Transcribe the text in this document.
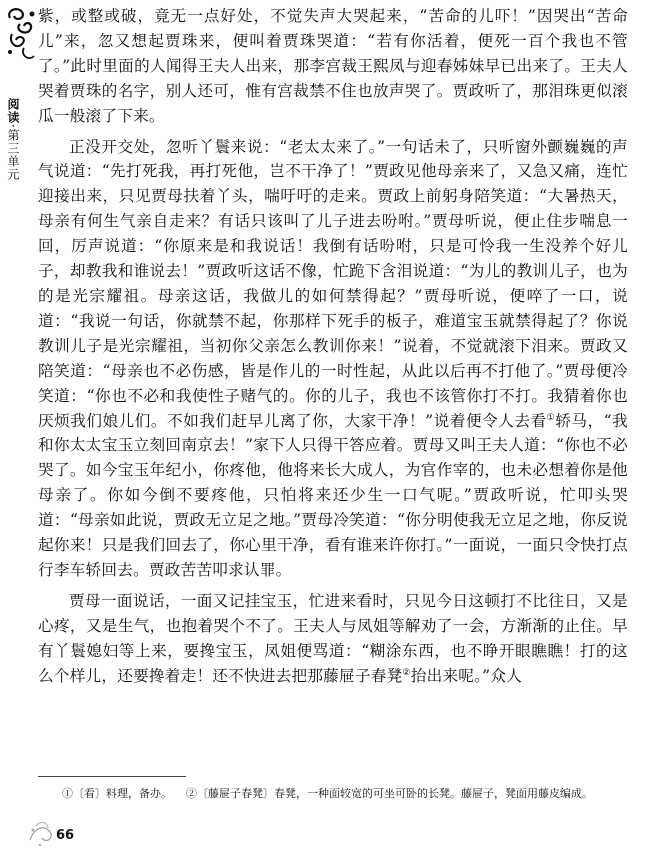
阅读·第三单元

紫，或整或破，竟无一点好处，不觉失声大哭起来，“苦命的儿吓！”因哭出“苦命儿”来，忽又想起贾珠来，便叫着贾珠哭道：“若有你活着，便死一百个我也不管了。”此时里面的人闻得王夫人出来，那李宫裁王熙凤与迎春姊妹早已出来了。王夫人哭着贾珠的名字，别人还可，惟有宫裁禁不住也放声哭了。贾政听了，那泪珠更似滚瓜一般滚了下来。

正没开交处，忽听丫鬟来说：“老太太来了。”一句话未了，只听窗外颤巍巍的声气说道：“先打死我，再打死他，岂不干净了！”贾政见他母亲来了，又急又痛，连忙迎接出来，只见贾母扶着丫头，喘吁吁的走来。贾政上前躬身陪笑道：“大暑热天，母亲有何生气亲自走来？有话只该叫了儿子进去吩咐。”贾母听说，便止住步喘息一回，厉声说道：“你原来是和我说话！我倒有话吩咐，只是可怜我一生没养个好儿子，却教我和谁说去！”贾政听这话不像，忙跪下含泪说道：“为儿的教训儿子，也为的是光宗耀祖。母亲这话，我做儿的如何禁得起？”贾母听说，便啐了一口，说道：“我说一句话，你就禁不起，你那样下死手的板子，难道宝玉就禁得起了？你说教训儿子是光宗耀祖，当初你父亲怎么教训你来！”说着，不觉就滚下泪来。贾政又陪笑道：“母亲也不必伤感，皆是作儿的一时性起，从此以后再不打他了。”贾母便冷笑道：“你也不必和我使性子赌气的。你的儿子，我也不该管你打不打。我猜着你也厌烦我们娘儿们。不如我们赶早儿离了你，大家干净！”说着便令人去看①轿马，“我和你太太宝玉立刻回南京去！”家下人只得干答应着。贾母又叫王夫人道：“你也不必哭了。如今宝玉年纪小，你疼他，他将来长大成人，为官作宰的，也未必想着你是他母亲了。你如今倒不要疼他，只怕将来还少生一口气呢。”贾政听说，忙叩头哭道：“母亲如此说，贾政无立足之地。”贾母冷笑道：“你分明使我无立足之地，你反说起你来！只是我们回去了，你心里干净，看有谁来许你打。”一面说，一面只令快打点行李车轿回去。贾政苦苦叩求认罪。

贾母一面说话，一面又记挂宝玉，忙进来看时，只见今日这顿打不比往日，又是心疼，又是生气，也抱着哭个不了。王夫人与凤姐等解劝了一会，方渐渐的止住。早有丫鬟媳妇等上来，要搀宝玉，凤姐便骂道：“糊涂东西，也不睁开眼瞧瞧！打的这么个样儿，还要搀着走！还不快进去把那藤屉子春凳②抬出来呢。”众人

①〔看〕料理，备办。 ②〔藤屉子春凳〕春凳，一种面较宽的可坐可卧的长凳。藤屉子，凳面用藤皮编成。
66
